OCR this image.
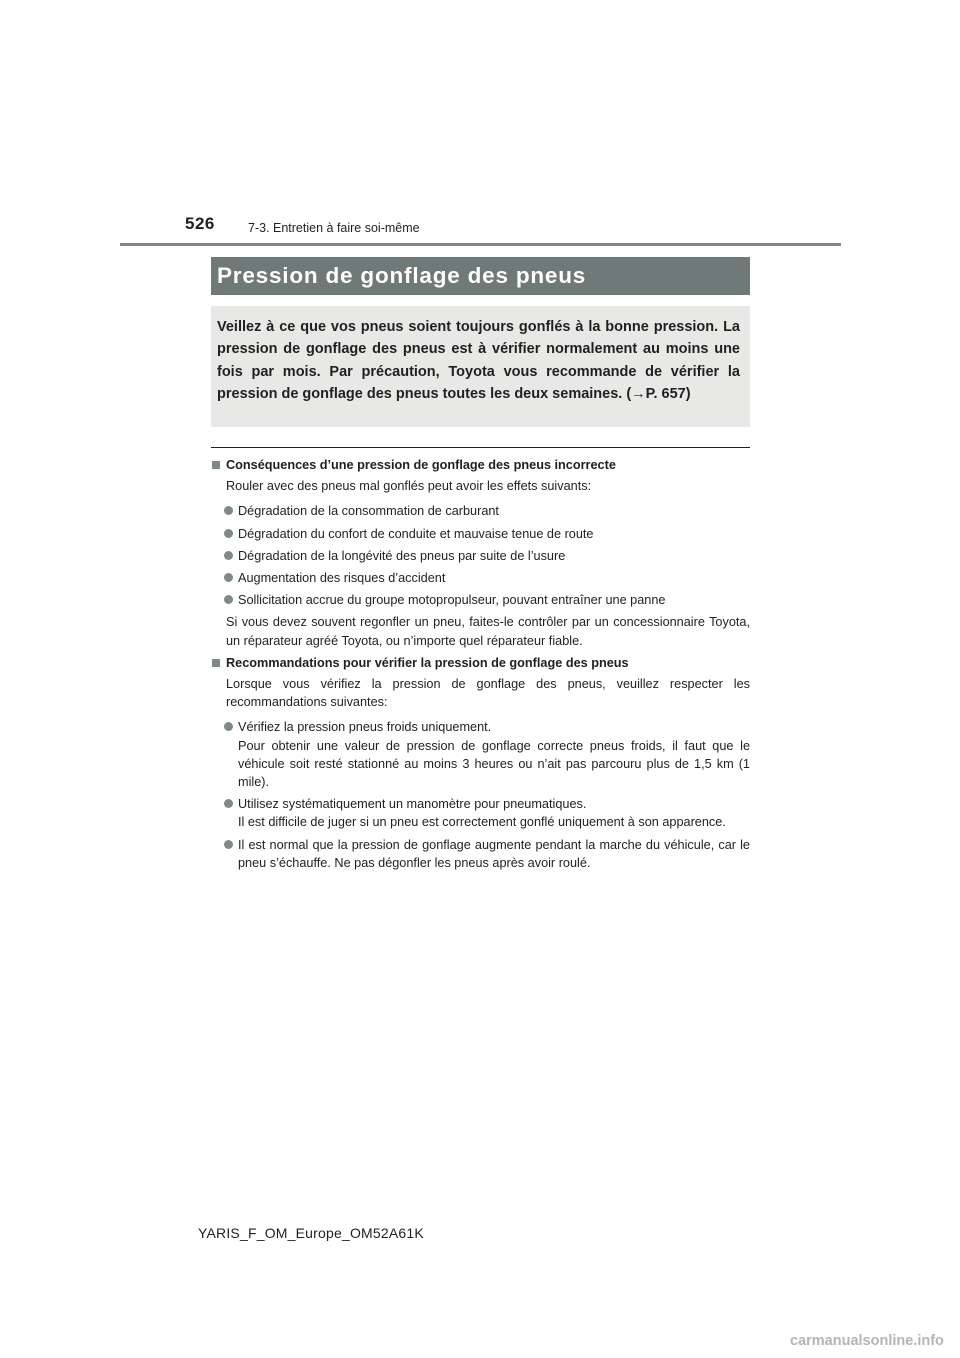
526	7-3. Entretien à faire soi-même
Pression de gonflage des pneus

Veillez à ce que vos pneus soient toujours gonflés à la bonne pression. La pression de gonflage des pneus est à vérifier normalement au moins une fois par mois. Par précaution, Toyota vous recommande de vérifier la pression de gonflage des pneus toutes les deux semaines. (→P. 657)

Conséquences d’une pression de gonflage des pneus incorrecte
Rouler avec des pneus mal gonflés peut avoir les effets suivants:
Dégradation de la consommation de carburant
Dégradation du confort de conduite et mauvaise tenue de route
Dégradation de la longévité des pneus par suite de l’usure
Augmentation des risques d’accident
Sollicitation accrue du groupe motopropulseur, pouvant entraîner une panne
Si vous devez souvent regonfler un pneu, faites-le contrôler par un concessionnaire Toyota, un réparateur agréé Toyota, ou n’importe quel réparateur fiable.
Recommandations pour vérifier la pression de gonflage des pneus
Lorsque vous vérifiez la pression de gonflage des pneus, veuillez respecter les recommandations suivantes:
Vérifiez la pression pneus froids uniquement.
Pour obtenir une valeur de pression de gonflage correcte pneus froids, il faut que le véhicule soit resté stationné au moins 3 heures ou n’ait pas parcouru plus de 1,5 km (1 mile).
Utilisez systématiquement un manomètre pour pneumatiques.
Il est difficile de juger si un pneu est correctement gonflé uniquement à son apparence.
Il est normal que la pression de gonflage augmente pendant la marche du véhicule, car le pneu s’échauffe. Ne pas dégonfler les pneus après avoir roulé.
YARIS_F_OM_Europe_OM52A61K
carmanualsonline.info
